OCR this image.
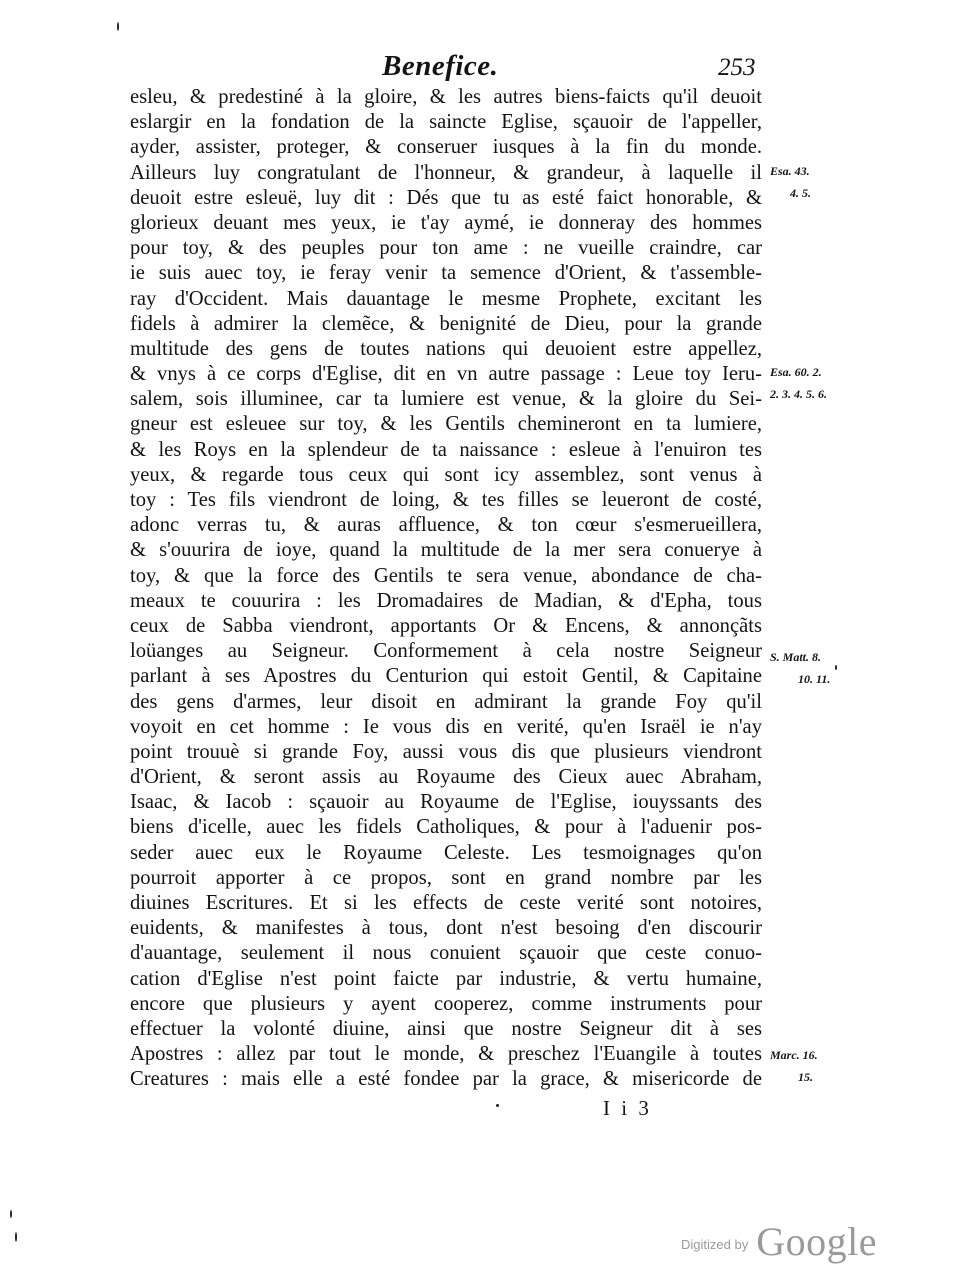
Benefice.	253
esleu, & predestiné à la gloire, & les autres biens-faicts qu'il deuoit
eslargir en la fondation de la saincte Eglise, sçauoir de l'appeller,
ayder, assister, proteger, & conseruer iusques à la fin du monde.
Ailleurs luy congratulant de l'honneur, & grandeur, à laquelle il
deuoit estre esleuë, luy dit : Dés que tu as esté faict honorable, &
glorieux deuant mes yeux, ie t'ay aymé, ie donneray des hommes
pour toy, & des peuples pour ton ame : ne vueille craindre, car
ie suis auec toy, ie feray venir ta semence d'Orient, & t'assemble-
ray d'Occident. Mais dauantage le mesme Prophete, excitant les
fidels à admirer la clemẽce, & benignité de Dieu, pour la grande
multitude des gens de toutes nations qui deuoient estre appellez,
& vnys à ce corps d'Eglise, dit en vn autre passage : Leue toy Ieru-
salem, sois illuminee, car ta lumiere est venue, & la gloire du Sei-
gneur est esleuee sur toy, & les Gentils chemineront en ta lumiere,
& les Roys en la splendeur de ta naissance : esleue à l'enuiron tes
yeux, & regarde tous ceux qui sont icy assemblez, sont venus à
toy : Tes fils viendront de loing, & tes filles se leueront de costé,
adonc verras tu, & auras affluence, & ton cœur s'esmerueillera,
& s'ouurira de ioye, quand la multitude de la mer sera conuerye à
toy, & que la force des Gentils te sera venue, abondance de cha-
meaux te couurira : les Dromadaires de Madian, & d'Epha, tous
ceux de Sabba viendront, apportants Or & Encens, & annonçãts
loüanges au Seigneur. Conformement à cela nostre Seigneur
parlant à ses Apostres du Centurion qui estoit Gentil, & Capitaine
des gens d'armes, leur disoit en admirant la grande Foy qu'il
voyoit en cet homme : Ie vous dis en verité, qu'en Israël ie n'ay
point trouuè si grande Foy, aussi vous dis que plusieurs viendront
d'Orient, & seront assis au Royaume des Cieux auec Abraham,
Isaac, & Iacob : sçauoir au Royaume de l'Eglise, iouyssants des
biens d'icelle, auec les fidels Catholiques, & pour à l'aduenir pos-
seder auec eux le Royaume Celeste. Les tesmoignages qu'on
pourroit apporter à ce propos, sont en grand nombre par les
diuines Escritures. Et si les effects de ceste verité sont notoires,
euidents, & manifestes à tous, dont n'est besoing d'en discourir
d'auantage, seulement il nous conuient sçauoir que ceste conuo-
cation d'Eglise n'est point faicte par industrie, & vertu humaine,
encore que plusieurs y ayent cooperez, comme instruments pour
effectuer la volonté diuine, ainsi que nostre Seigneur dit à ses
Apostres : allez par tout le monde, & preschez l'Euangile à toutes
Creatures : mais elle a esté fondee par la grace, & misericorde de
Esa. 43.
4. 5.
Esa. 60. 2.
2. 3. 4. 5. 6.
S. Matt. 8.
10. 11.
Marc. 16.
15.
I i 3
$^{Digitized by}$ Google
